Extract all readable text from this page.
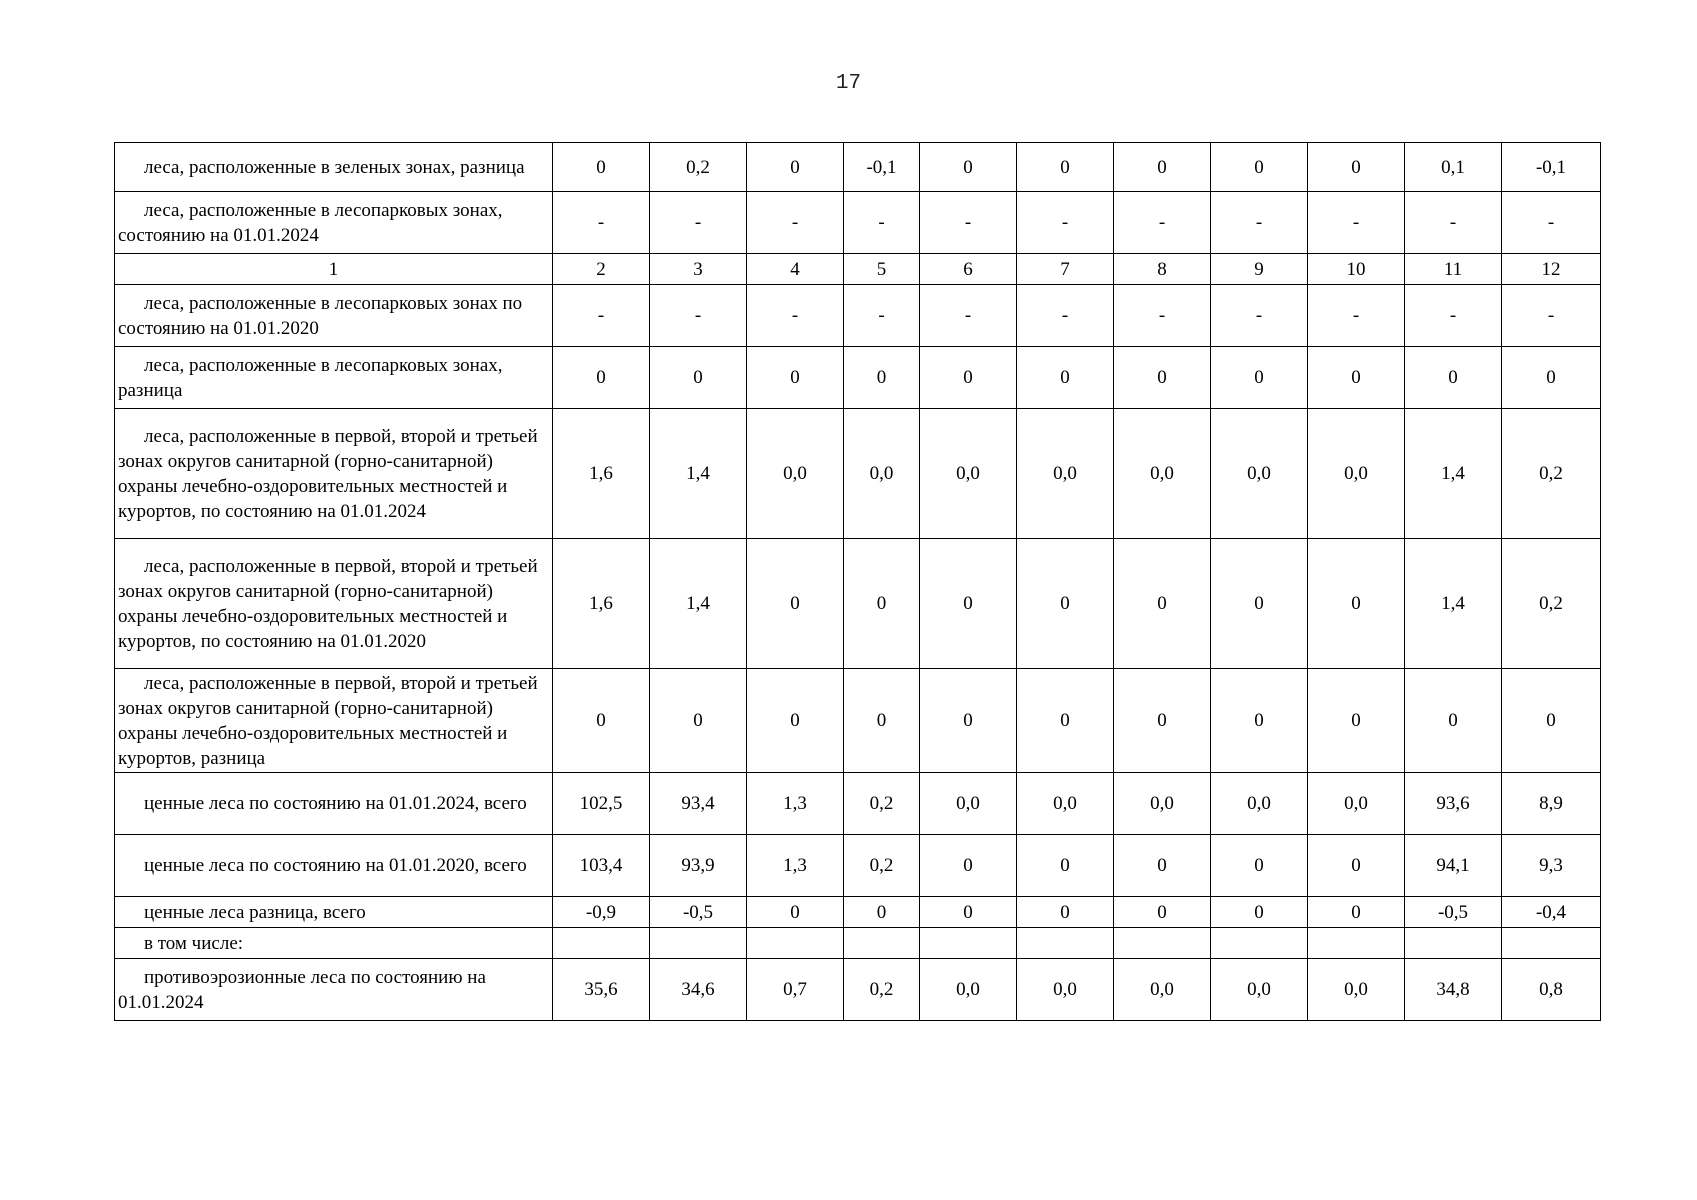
17
леса, расположенные в зеленых зонах, разница	0	0,2	0	-0,1	0	0	0	0	0	0,1	-0,1
леса, расположенные в лесопарковых зонах, состоянию на 01.01.2024	-	-	-	-	-	-	-	-	-	-	-
1	2	3	4	5	6	7	8	9	10	11	12
леса, расположенные в лесопарковых зонах по состоянию на 01.01.2020	-	-	-	-	-	-	-	-	-	-	-
леса, расположенные в лесопарковых зонах, разница	0	0	0	0	0	0	0	0	0	0	0
леса, расположенные в первой, второй и третьей зонах округов санитарной (горно-санитарной) охраны лечебно-оздоровительных местностей и курортов, по состоянию на 01.01.2024	1,6	1,4	0,0	0,0	0,0	0,0	0,0	0,0	0,0	1,4	0,2
леса, расположенные в первой, второй и третьей зонах округов санитарной (горно-санитарной) охраны лечебно-оздоровительных местностей и курортов, по состоянию на 01.01.2020	1,6	1,4	0	0	0	0	0	0	0	1,4	0,2
леса, расположенные в первой, второй и третьей зонах округов санитарной (горно-санитарной) охраны лечебно-оздоровительных местностей и курортов, разница	0	0	0	0	0	0	0	0	0	0	0
ценные леса по состоянию на 01.01.2024, всего	102,5	93,4	1,3	0,2	0,0	0,0	0,0	0,0	0,0	93,6	8,9
ценные леса по состоянию на 01.01.2020, всего	103,4	93,9	1,3	0,2	0	0	0	0	0	94,1	9,3
ценные леса разница, всего	-0,9	-0,5	0	0	0	0	0	0	0	-0,5	-0,4
в том числе:											
противоэрозионные леса по состоянию на 01.01.2024	35,6	34,6	0,7	0,2	0,0	0,0	0,0	0,0	0,0	34,8	0,8
